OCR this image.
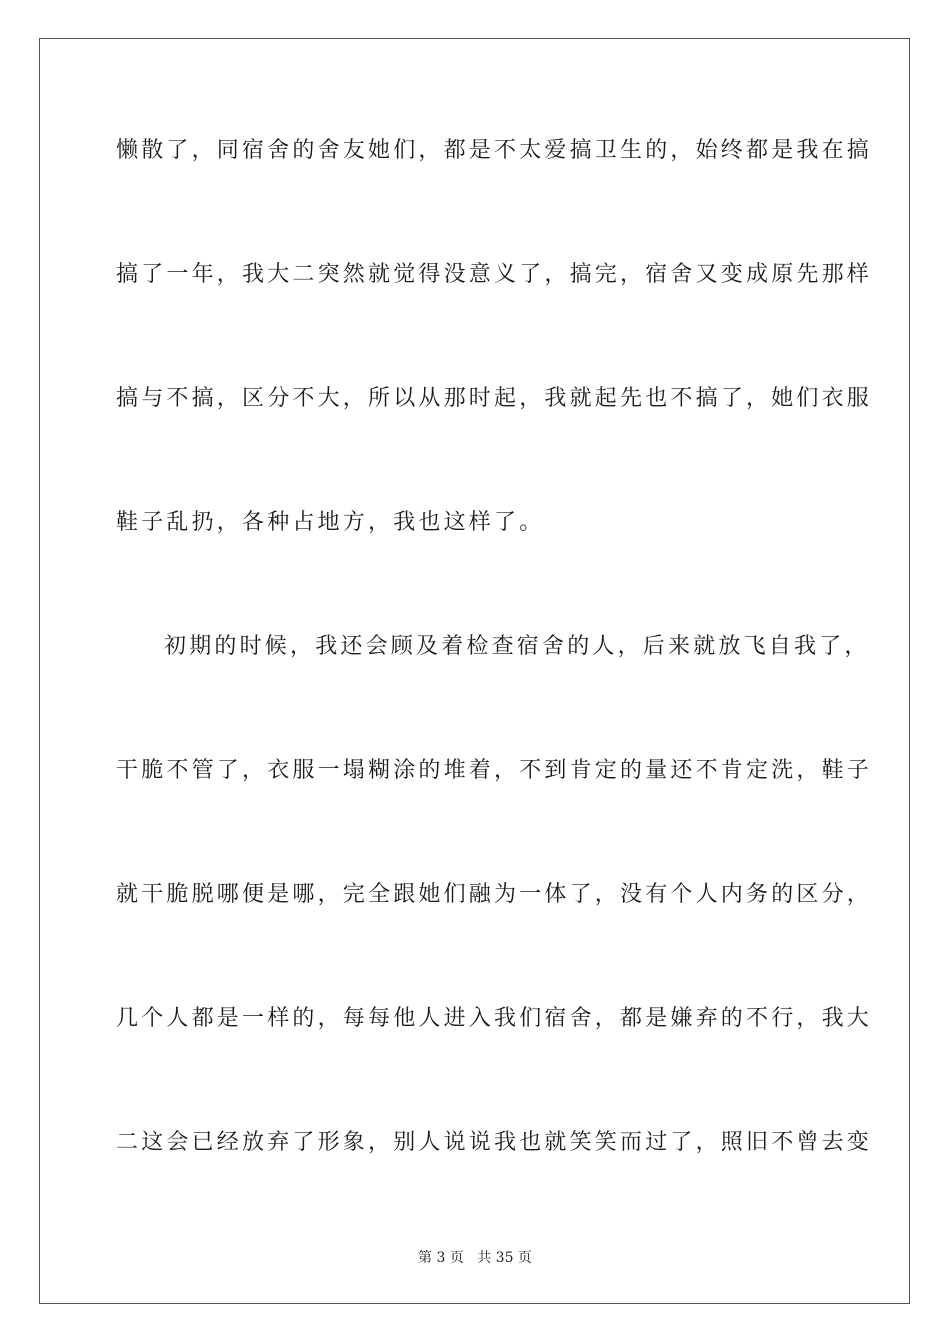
懒散了，同宿舍的舍友她们，都是不太爱搞卫生的，始终都是我在搞
搞了一年，我大二突然就觉得没意义了，搞完，宿舍又变成原先那样
搞与不搞，区分不大，所以从那时起，我就起先也不搞了，她们衣服
鞋子乱扔，各种占地方，我也这样了。
初期的时候，我还会顾及着检查宿舍的人，后来就放飞自我了，
干脆不管了，衣服一塌糊涂的堆着，不到肯定的量还不肯定洗，鞋子
就干脆脱哪便是哪，完全跟她们融为一体了，没有个人内务的区分，
几个人都是一样的，每每他人进入我们宿舍，都是嫌弃的不行，我大
二这会已经放弃了形象，别人说说我也就笑笑而过了，照旧不曾去变
第 3 页 共 35 页
